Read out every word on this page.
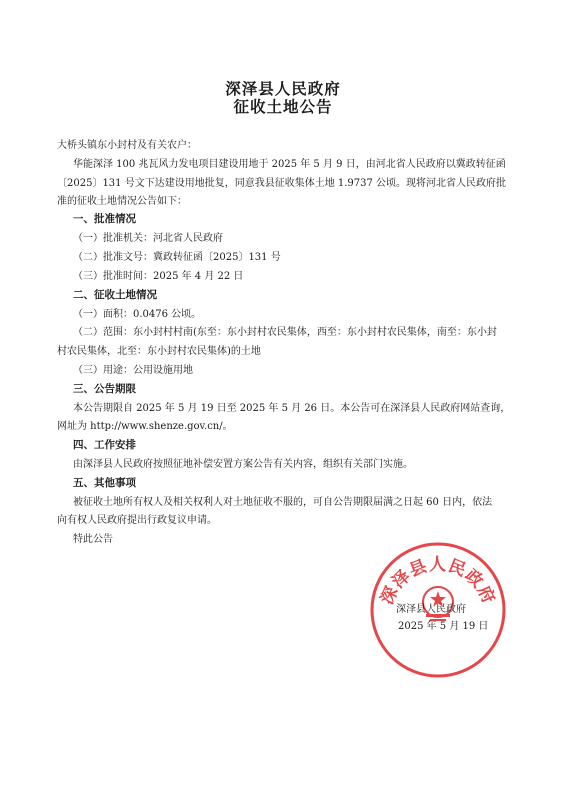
深泽县人民政府
征收土地公告
大桥头镇东小封村及有关农户：
华能深泽 100 兆瓦风力发电项目建设用地于 2025 年 5 月 9 日，由河北省人民政府以冀政转征函
〔2025〕131 号文下达建设用地批复，同意我县征收集体土地 1.9737 公顷。现将河北省人民政府批
准的征收土地情况公告如下：
一、批准情况
（一）批准机关：河北省人民政府
（二）批准文号：冀政转征函〔2025〕131 号
（三）批准时间：2025 年 4 月 22 日
二、征收土地情况
（一）面积：0.0476 公顷。
（二）范围：东小封村村南(东至：东小封村农民集体，西至：东小封村农民集体，南至：东小封
村农民集体，北至：东小封村农民集体)的土地
（三）用途：公用设施用地
三、公告期限
本公告期限自 2025 年 5 月 19 日至 2025 年 5 月 26 日。本公告可在深泽县人民政府网站查询，
网址为 http://www.shenze.gov.cn/。
四、工作安排
由深泽县人民政府按照征地补偿安置方案公告有关内容，组织有关部门实施。
五、其他事项
被征收土地所有权人及相关权利人对土地征收不服的，可自公告期限届满之日起 60 日内，依法
向有权人民政府提出行政复议申请。
特此公告
深泽县人民政府
深泽县人民政府
2025 年 5 月 19 日
